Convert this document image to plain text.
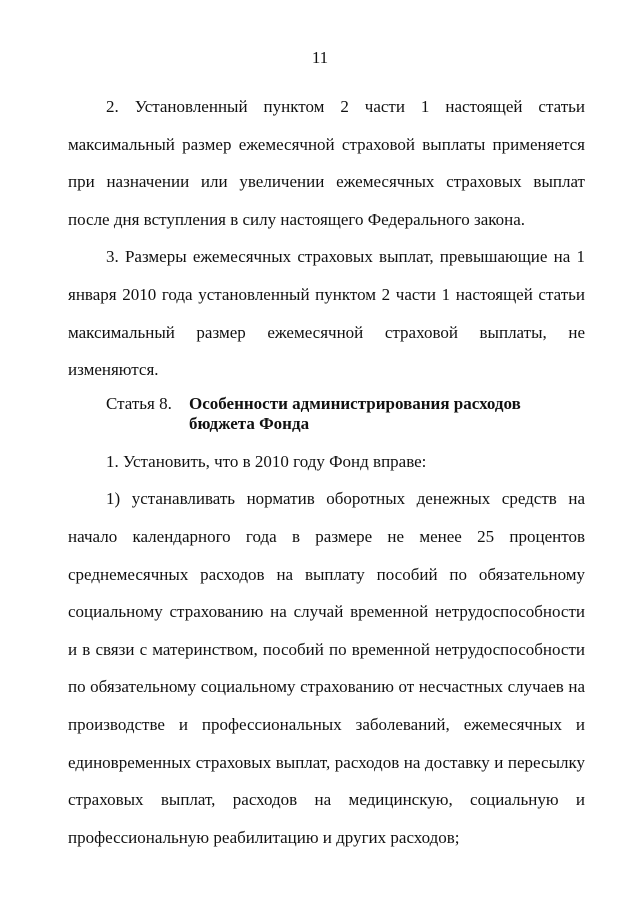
11

2. Установленный пунктом 2 части 1 настоящей статьи максимальный размер ежемесячной страховой выплаты применяется при назначении или увеличении ежемесячных страховых выплат после дня вступления в силу настоящего Федерального закона.

3. Размеры ежемесячных страховых выплат, превышающие на 1 января 2010 года установленный пунктом 2 части 1 настоящей статьи максимальный размер ежемесячной страховой выплаты, не изменяются.

Статья 8.	Особенности администрирования расходов бюджета Фонда

1. Установить, что в 2010 году Фонд вправе:

1) устанавливать норматив оборотных денежных средств на начало календарного года в размере не менее 25 процентов среднемесячных расходов на выплату пособий по обязательному социальному страхованию на случай временной нетрудоспособности и в связи с материнством, пособий по временной нетрудоспособности по обязательному социальному страхованию от несчастных случаев на производстве и профессиональных заболеваний, ежемесячных и единовременных страховых выплат, расходов на доставку и пересылку страховых выплат, расходов на медицинскую, социальную и профессиональную реабилитацию и других расходов;
